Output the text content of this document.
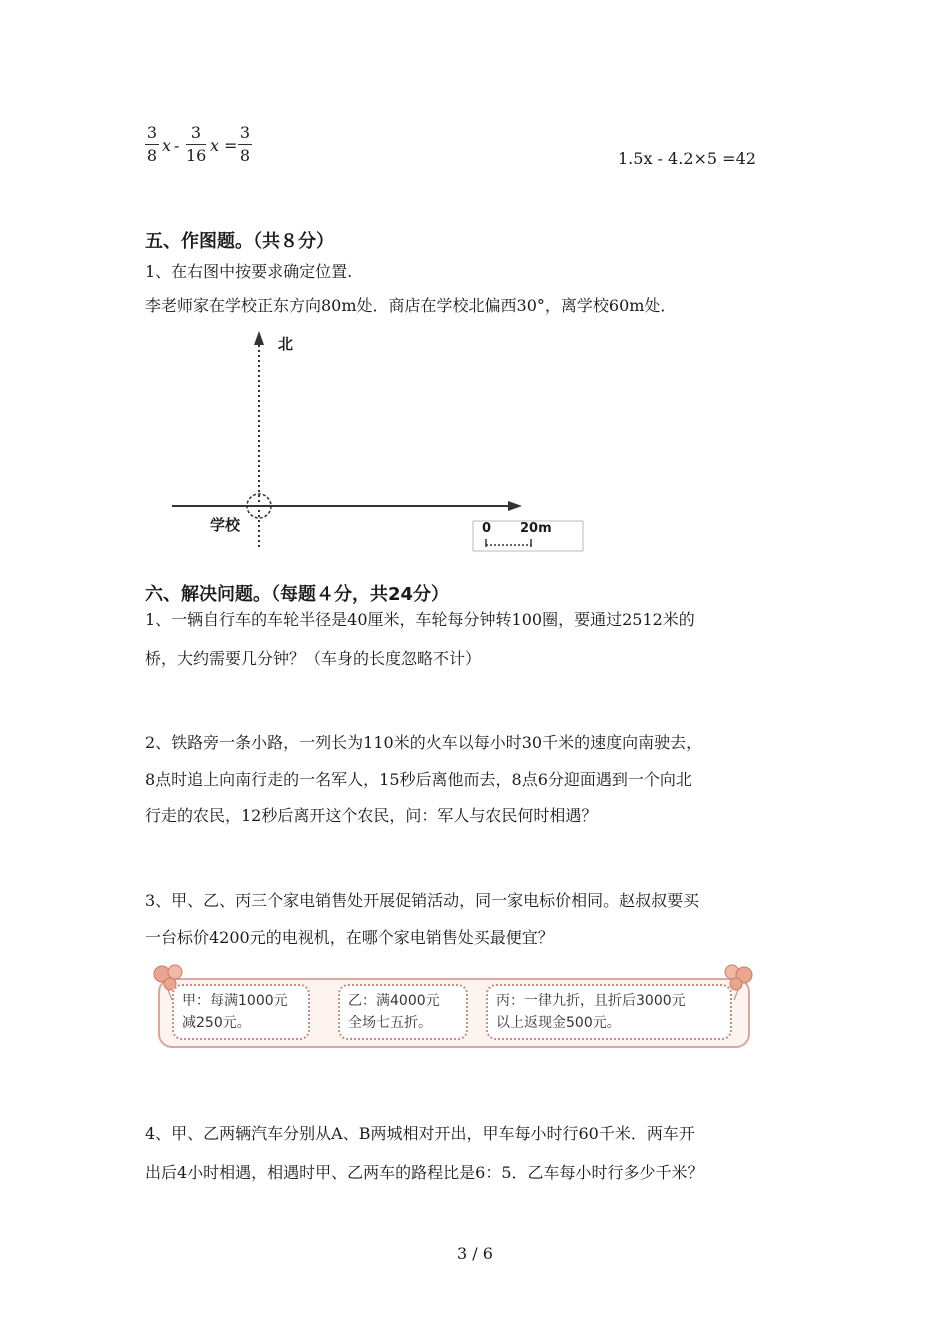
3
8
x -
3
16
x =
3
8	1.5x - 4.2×5 =42
五、作图题。（共８分）
1、在右图中按要求确定位置.
李老师家在学校正东方向80m处．商店在学校北偏西30°，离学校60m处．
北
学校	0 20m
六、解决问题。（每题４分，共24分）
1、一辆自行车的车轮半径是40厘米，车轮每分钟转100圈，要通过2512米的
桥，大约需要几分钟？（车身的长度忽略不计）
2、铁路旁一条小路，一列长为110米的火车以每小时30千米的速度向南驶去，
8点时追上向南行走的一名军人，15秒后离他而去，8点6分迎面遇到一个向北
行走的农民，12秒后离开这个农民，问：军人与农民何时相遇？
3、甲、乙、丙三个家电销售处开展促销活动，同一家电标价相同。赵叔叔要买
一台标价4200元的电视机，在哪个家电销售处买最便宜？
甲：每满1000元
减250元。
乙：满4000元
全场七五折。
丙：一律九折，且折后3000元
以上返现金500元。
4、甲、乙两辆汽车分别从A、B两城相对开出，甲车每小时行60千米．两车开
出后4小时相遇，相遇时甲、乙两车的路程比是6：5．乙车每小时行多少千米？
3 / 6
